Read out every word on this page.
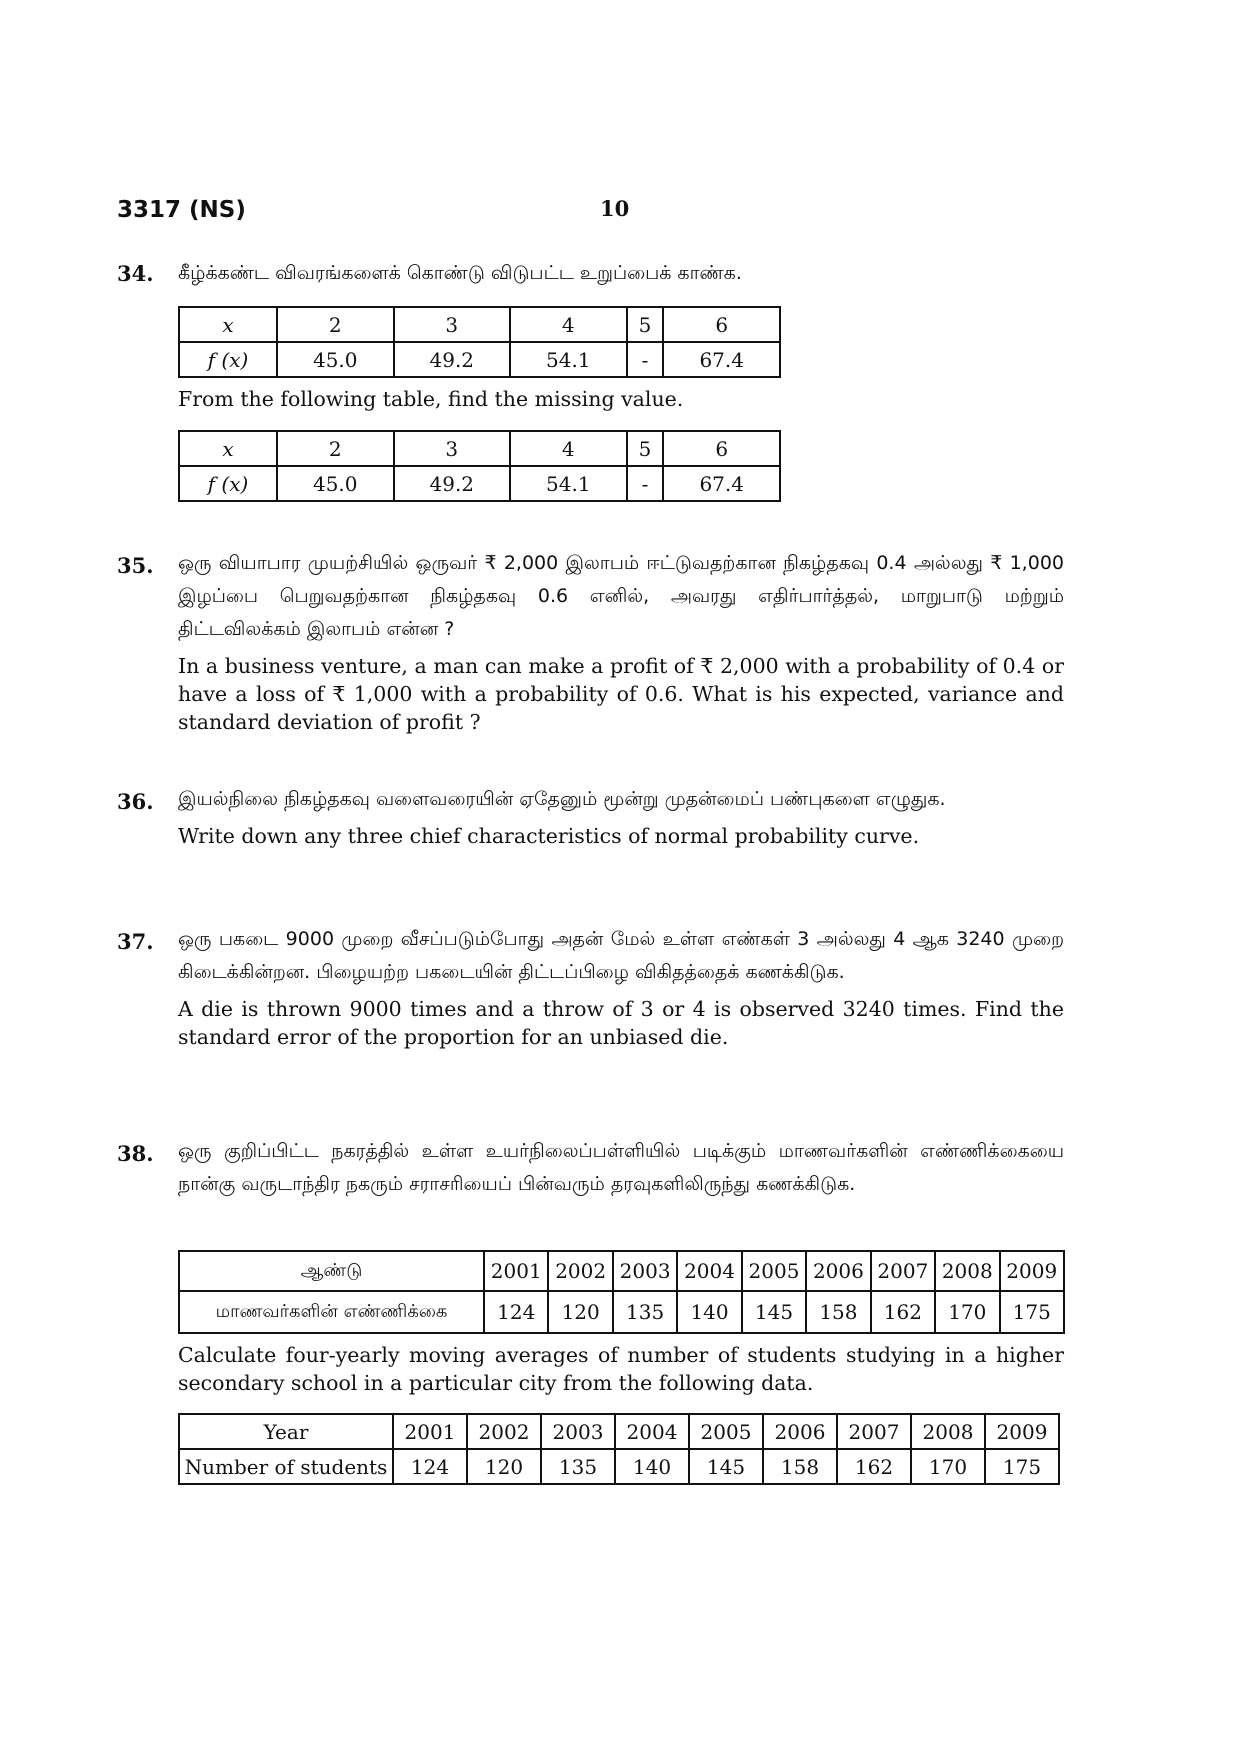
3317 (NS)	10
34. கீழ்க்கண்ட விவரங்களைக் கொண்டு விடுபட்ட உறுப்பைக் காண்க.

x	2	3	4	5	6
f (x)	45.0	49.2	54.1	-	67.4

From the following table, find the missing value.

x	2	3	4	5	6
f (x)	45.0	49.2	54.1	-	67.4
35. ஒரு வியாபார முயற்சியில் ஒருவர் ₹ 2,000 இலாபம் ஈட்டுவதற்கான நிகழ்தகவு 0.4 அல்லது ₹ 1,000 இழப்பை பெறுவதற்கான நிகழ்தகவு 0.6 எனில், அவரது எதிர்பார்த்தல், மாறுபாடு மற்றும் திட்டவிலக்கம் இலாபம் என்ன ?

In a business venture, a man can make a profit of ₹ 2,000 with a probability of 0.4 or have a loss of ₹ 1,000 with a probability of 0.6. What is his expected, variance and standard deviation of profit ?

36. இயல்நிலை நிகழ்தகவு வளைவரையின் ஏதேனும் மூன்று முதன்மைப் பண்புகளை எழுதுக.

Write down any three chief characteristics of normal probability curve.

37. ஒரு பகடை 9000 முறை வீசப்படும்போது அதன் மேல் உள்ள எண்கள் 3 அல்லது 4 ஆக 3240 முறை கிடைக்கின்றன. பிழையற்ற பகடையின் திட்டப்பிழை விகிதத்தைக் கணக்கிடுக.

A die is thrown 9000 times and a throw of 3 or 4 is observed 3240 times. Find the standard error of the proportion for an unbiased die.

38. ஒரு குறிப்பிட்ட நகரத்தில் உள்ள உயர்நிலைப்பள்ளியில் படிக்கும் மாணவர்களின் எண்ணிக்கையை நான்கு வருடாந்திர நகரும் சராசரியைப் பின்வரும் தரவுகளிலிருந்து கணக்கிடுக.

ஆண்டு	2001	2002	2003	2004	2005	2006	2007	2008	2009
மாணவர்களின் எண்ணிக்கை	124	120	135	140	145	158	162	170	175

Calculate four-yearly moving averages of number of students studying in a higher secondary school in a particular city from the following data.

Year	2001	2002	2003	2004	2005	2006	2007	2008	2009
Number of students	124	120	135	140	145	158	162	170	175
